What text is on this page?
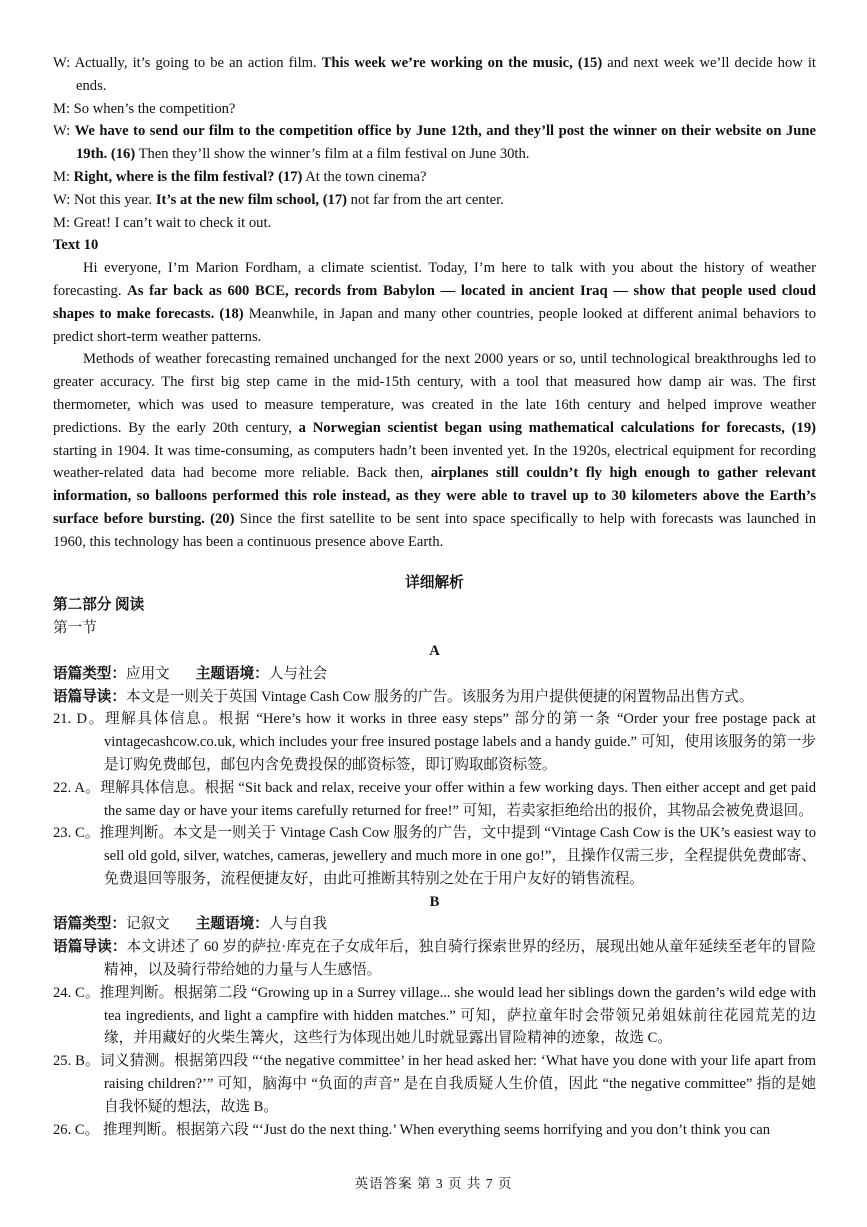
W: Actually, it’s going to be an action film. This week we’re working on the music, (15) and next week we’ll decide how it ends.

M: So when’s the competition?

W: We have to send our film to the competition office by June 12th, and they’ll post the winner on their website on June 19th. (16) Then they’ll show the winner’s film at a film festival on June 30th.

M: Right, where is the film festival? (17) At the town cinema?

W: Not this year. It’s at the new film school, (17) not far from the art center.

M: Great! I can’t wait to check it out.

Text 10

Hi everyone, I’m Marion Fordham, a climate scientist. Today, I’m here to talk with you about the history of weather forecasting. As far back as 600 BCE, records from Babylon — located in ancient Iraq — show that people used cloud shapes to make forecasts. (18) Meanwhile, in Japan and many other countries, people looked at different animal behaviors to predict short-term weather patterns.

Methods of weather forecasting remained unchanged for the next 2000 years or so, until technological breakthroughs led to greater accuracy. The first big step came in the mid-15th century, with a tool that measured how damp air was. The first thermometer, which was used to measure temperature, was created in the late 16th century and helped improve weather predictions. By the early 20th century, a Norwegian scientist began using mathematical calculations for forecasts, (19) starting in 1904. It was time-consuming, as computers hadn’t been invented yet. In the 1920s, electrical equipment for recording weather-related data had become more reliable. Back then, airplanes still couldn’t fly high enough to gather relevant information, so balloons performed this role instead, as they were able to travel up to 30 kilometers above the Earth’s surface before bursting. (20) Since the first satellite to be sent into space specifically to help with forecasts was launched in 1960, this technology has been a continuous presence above Earth.

详细解析

第二部分 阅读

第一节

A

语篇类型：应用文 主题语境：人与社会

语篇导读：本文是一则关于英国 Vintage Cash Cow 服务的广告。该服务为用户提供便捷的闲置物品出售方式。

21. D。理解具体信息。根据 “Here’s how it works in three easy steps” 部分的第一条 “Order your free postage pack at vintagecashcow.co.uk, which includes your free insured postage labels and a handy guide.” 可知，使用该服务的第一步是订购免费邮包，邮包内含免费投保的邮资标签，即订购取邮资标签。

22. A。理解具体信息。根据 “Sit back and relax, receive your offer within a few working days. Then either accept and get paid the same day or have your items carefully returned for free!” 可知，若卖家拒绝给出的报价，其物品会被免费退回。

23. C。推理判断。本文是一则关于 Vintage Cash Cow 服务的广告，文中提到 “Vintage Cash Cow is the UK’s easiest way to sell old gold, silver, watches, cameras, jewellery and much more in one go!”，且操作仅需三步，全程提供免费邮寄、免费退回等服务，流程便捷友好，由此可推断其特别之处在于用户友好的销售流程。

B

语篇类型：记叙文 主题语境：人与自我

语篇导读：本文讲述了 60 岁的萨拉·库克在子女成年后，独自骑行探索世界的经历，展现出她从童年延续至老年的冒险精神，以及骑行带给她的力量与人生感悟。

24. C。推理判断。根据第二段 “Growing up in a Surrey village... she would lead her siblings down the garden’s wild edge with tea ingredients, and light a campfire with hidden matches.” 可知，萨拉童年时会带领兄弟姐妹前往花园荒芜的边缘，并用藏好的火柴生篝火，这些行为体现出她儿时就显露出冒险精神的迹象，故选 C。

25. B。词义猜测。根据第四段 “‘the negative committee’ in her head asked her: ‘What have you done with your life apart from raising children?’” 可知，脑海中 “负面的声音” 是在自我质疑人生价值，因此 “the negative committee” 指的是她自我怀疑的想法，故选 B。

26. C。 推理判断。根据第六段 “‘Just do the next thing.’ When everything seems horrifying and you don’t think you can

英语答案 第 3 页 共 7 页
